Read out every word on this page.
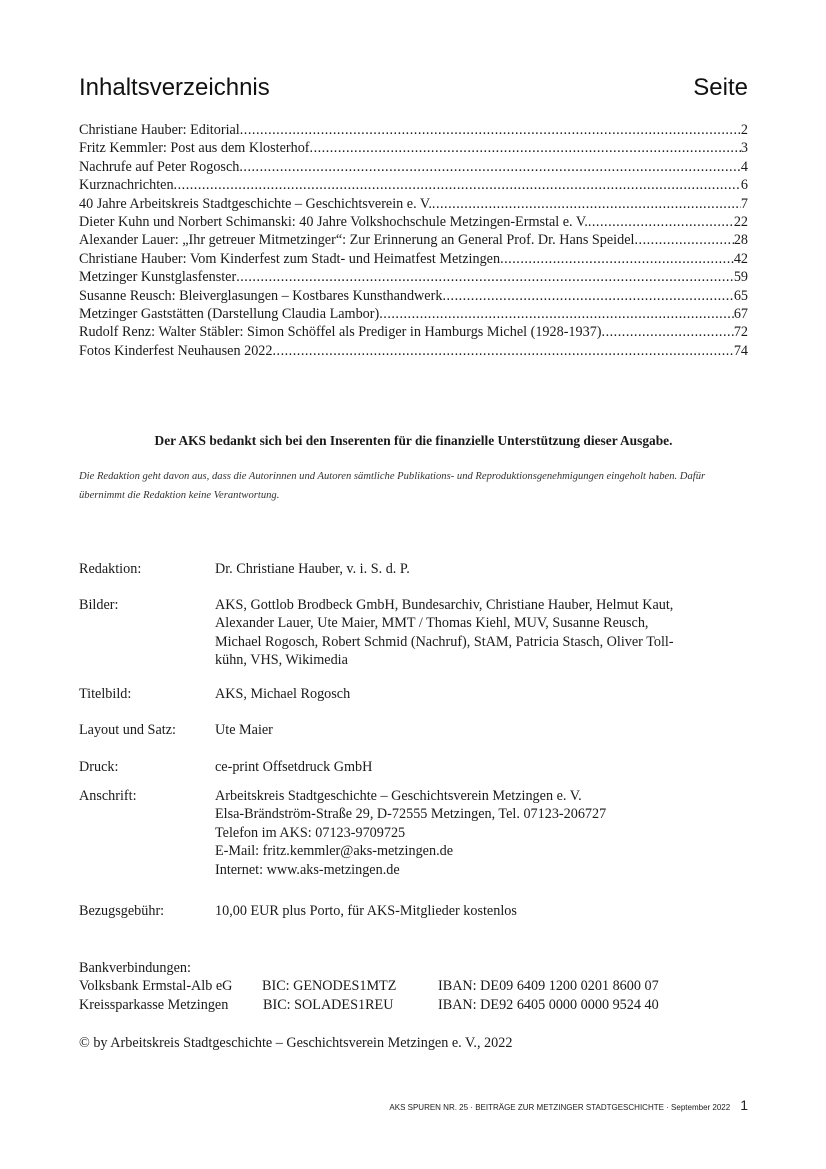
Inhaltsverzeichnis	Seite
Christiane Hauber: Editorial .....	2
Fritz Kemmler: Post aus dem Klosterhof .....	3
Nachrufe auf Peter Rogosch .....	4
Kurznachrichten .....	6
40 Jahre Arbeitskreis Stadtgeschichte – Geschichtsverein e. V. .....	7
Dieter Kuhn und Norbert Schimanski: 40 Jahre Volkshochschule Metzingen-Ermstal e. V. .....	22
Alexander Lauer: „Ihr getreuer Mitmetzinger“: Zur Erinnerung an General Prof. Dr. Hans Speidel .....	28
Christiane Hauber: Vom Kinderfest zum Stadt- und Heimatfest Metzingen .....	42
Metzinger Kunstglasfenster .....	59
Susanne Reusch: Bleiverglasungen – Kostbares Kunsthandwerk .....	65
Metzinger Gaststätten (Darstellung Claudia Lambor) .....	67
Rudolf Renz: Walter Stäbler: Simon Schöffel als Prediger in Hamburgs Michel (1928-1937) .....	72
Fotos Kinderfest Neuhausen 2022 .....	74
Der AKS bedankt sich bei den Inserenten für die finanzielle Unterstützung dieser Ausgabe.
Die Redaktion geht davon aus, dass die Autorinnen und Autoren sämtliche Publikations- und Reproduktionsgenehmigungen eingeholt haben. Dafür übernimmt die Redaktion keine Verantwortung.
Redaktion:	Dr. Christiane Hauber, v. i. S. d. P.
Bilder:	AKS, Gottlob Brodbeck GmbH, Bundesarchiv, Christiane Hauber, Helmut Kaut,
Alexander Lauer, Ute Maier, MMT / Thomas Kiehl, MUV, Susanne Reusch,
Michael Rogosch, Robert Schmid (Nachruf), StAM, Patricia Stasch, Oliver Toll-
kühn, VHS, Wikimedia
Titelbild:	AKS, Michael Rogosch
Layout und Satz:	Ute Maier
Druck:	ce-print Offsetdruck GmbH
Anschrift:	Arbeitskreis Stadtgeschichte – Geschichtsverein Metzingen e. V.
Elsa-Brändström-Straße 29, D-72555 Metzingen, Tel. 07123-206727
Telefon im AKS: 07123-9709725
E-Mail: fritz.kemmler@aks-metzingen.de
Internet: www.aks-metzingen.de
Bezugsgebühr:	10,00 EUR plus Porto, für AKS-Mitglieder kostenlos
Bankverbindungen:
Volksbank Ermstal-Alb eG	BIC: GENODES1MTZ	IBAN: DE09 6409 1200 0201 8600 07
Kreissparkasse Metzingen	BIC: SOLADES1REU	IBAN: DE92 6405 0000 0000 9524 40
© by Arbeitskreis Stadtgeschichte – Geschichtsverein Metzingen e. V., 2022
AKS SPUREN NR. 25 · BEITRÄGE ZUR METZINGER STADTGESCHICHTE · September 2022 1
